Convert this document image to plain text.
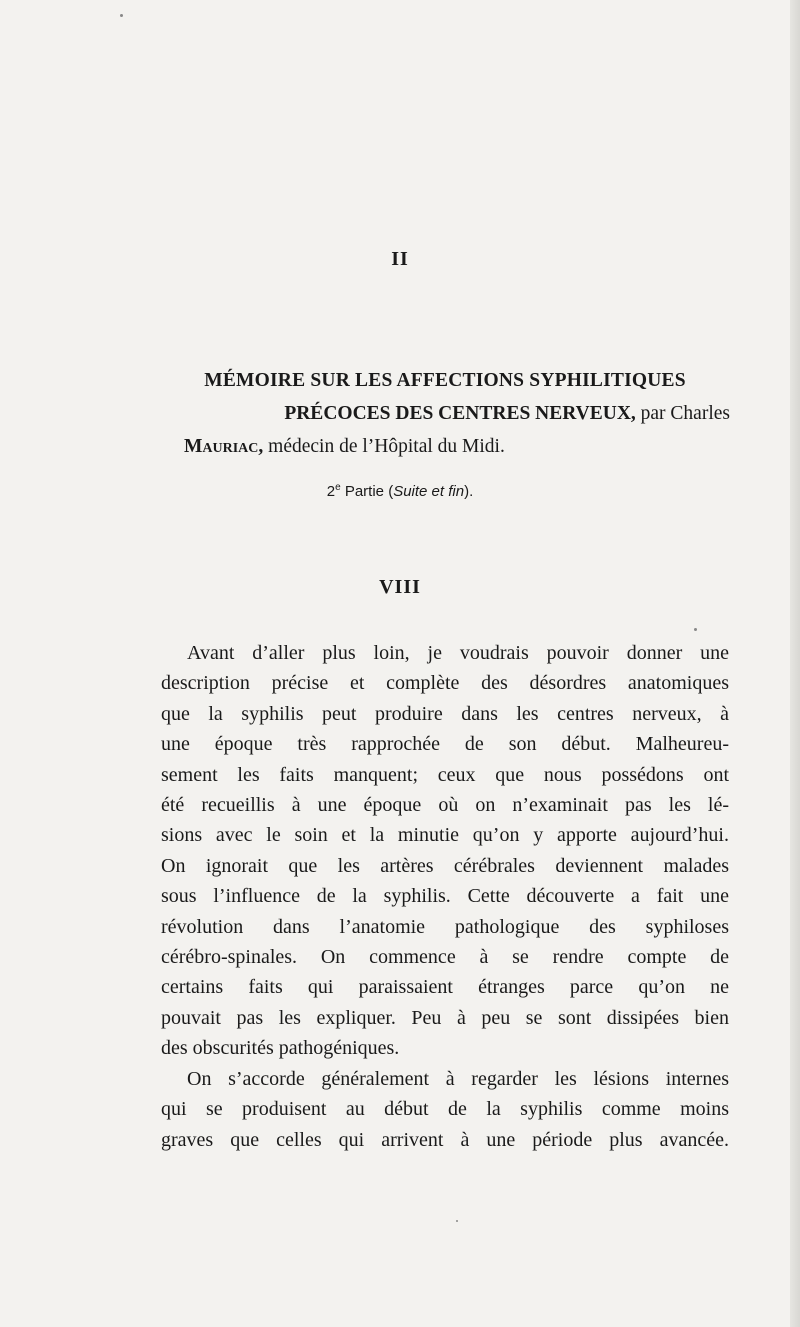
II
MÉMOIRE SUR LES AFFECTIONS SYPHILITIQUES
PRÉCOCES DES CENTRES NERVEUX, par Charles
Mauriac, médecin de l’Hôpital du Midi.
2e Partie (Suite et fin).
VIII

Avant d’aller plus loin, je voudrais pouvoir donner une
description précise et complète des désordres anatomiques
que la syphilis peut produire dans les centres nerveux, à
une époque très rapprochée de son début. Malheureu-
sement les faits manquent; ceux que nous possédons ont
été recueillis à une époque où on n’examinait pas les lé-
sions avec le soin et la minutie qu’on y apporte aujourd’hui.
On ignorait que les artères cérébrales deviennent malades
sous l’influence de la syphilis. Cette découverte a fait une
révolution dans l’anatomie pathologique des syphiloses
cérébro-spinales. On commence à se rendre compte de
certains faits qui paraissaient étranges parce qu’on ne
pouvait pas les expliquer. Peu à peu se sont dissipées bien
des obscurités pathogéniques.

On s’accorde généralement à regarder les lésions internes
qui se produisent au début de la syphilis comme moins
graves que celles qui arrivent à une période plus avancée.
